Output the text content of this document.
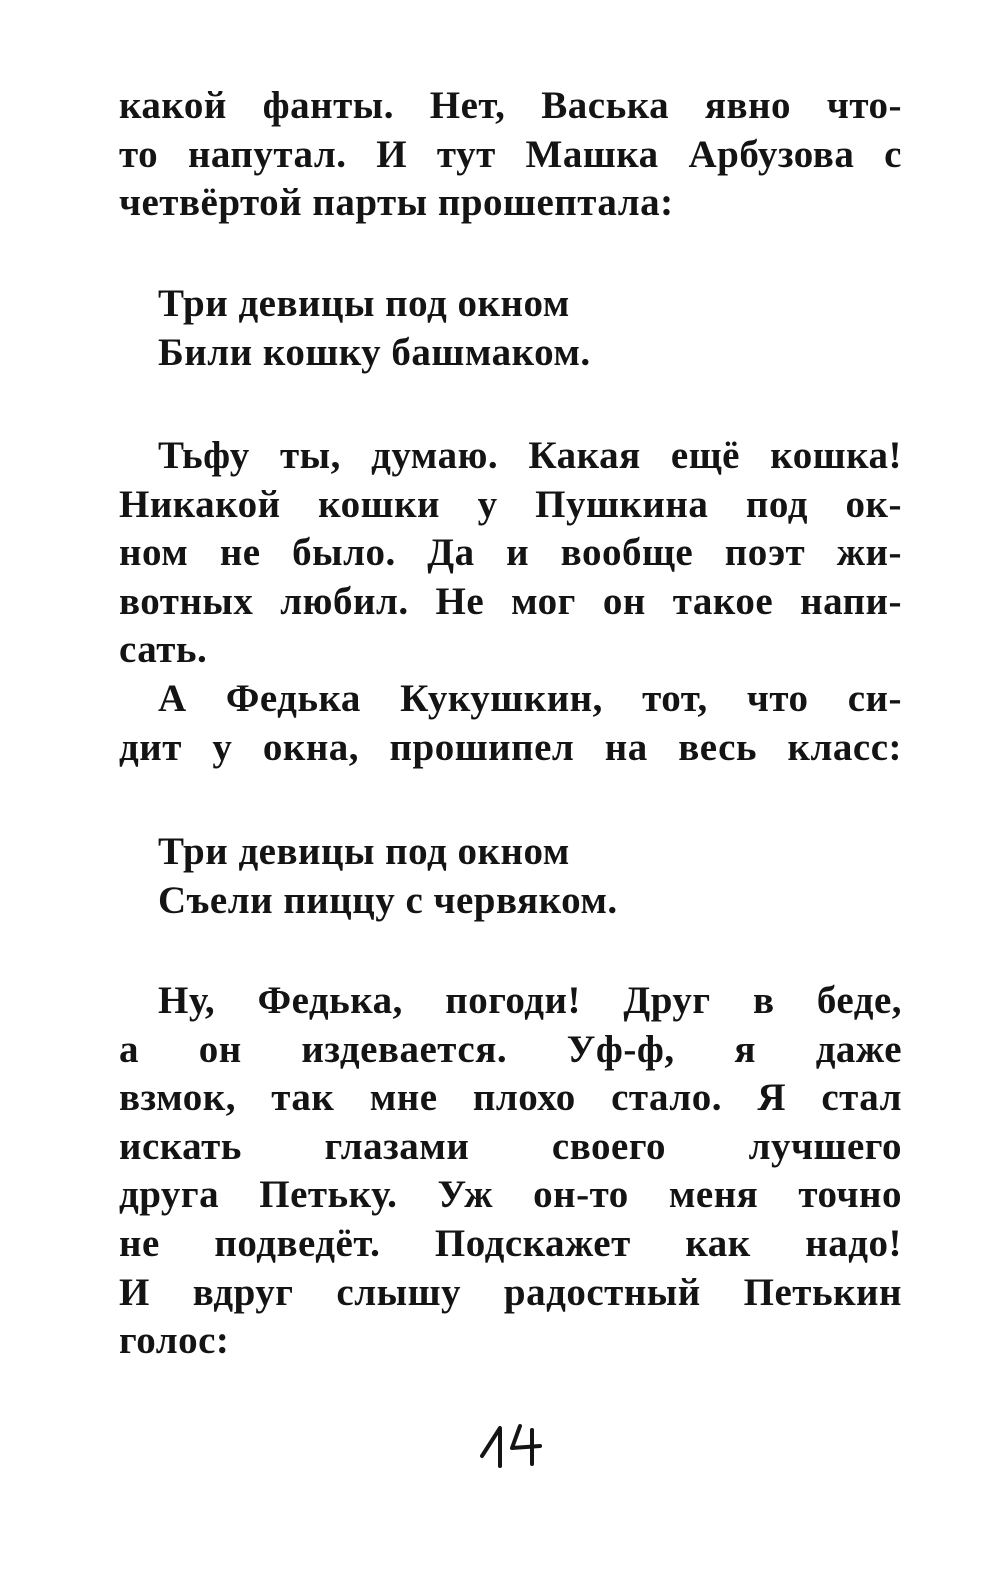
какой фанты. Нет, Васька явно что-
то напутал. И тут Машка Арбузова с
четвёртой парты прошептала:
Три девицы под окном
Били кошку башмаком.
Тьфу ты, думаю. Какая ещё кошка!
Никакой кошки у Пушкина под ок-
ном не было. Да и вообще поэт жи-
вотных любил. Не мог он такое напи-
сать.
А Федька Кукушкин, тот, что си-
дит у окна, прошипел на весь класс:
Три девицы под окном
Съели пиццу с червяком.
Ну, Федька, погоди! Друг в беде,
а он издевается. Уф-ф, я даже
взмок, так мне плохо стало. Я стал
искать глазами своего лучшего
друга Петьку. Уж он-то меня точно
не подведёт. Подскажет как надо!
И вдруг слышу радостный Петькин
голос:
